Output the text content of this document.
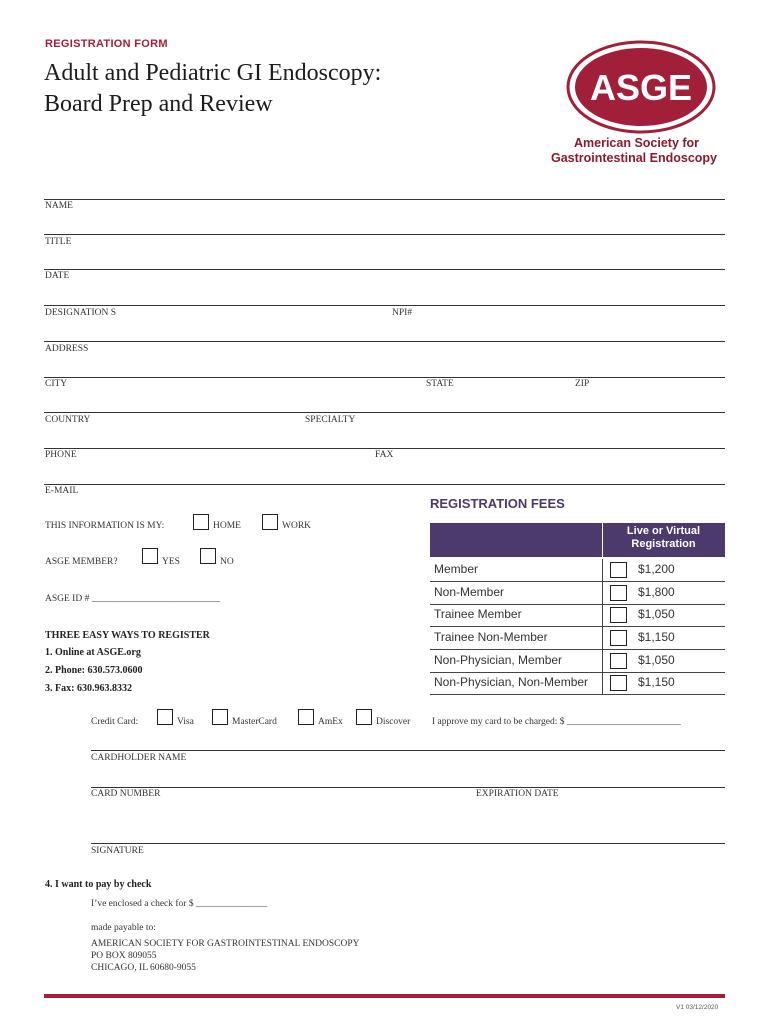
REGISTRATION FORM
Adult and Pediatric GI Endoscopy:
Board Prep and Review	ASGE
American Society for
Gastrointestinal Endoscopy
NAME
TITLE
DATE
DESIGNATION S	NPI#
ADDRESS
CITY	STATE	ZIP
COUNTRY	SPECIALTY
PHONE	FAX
E-MAIL
THIS INFORMATION IS MY:	HOME	WORK
ASGE MEMBER?	YES	NO
ASGE ID # ___________________________
THREE EASY WAYS TO REGISTER
1. Online at ASGE.org
2. Phone: 630.573.0600
3. Fax: 630.963.8332
REGISTRATION FEES
Live or Virtual Registration
Member	$1,200
Non-Member	$1,800
Trainee Member	$1,050
Trainee Non-Member	$1,150
Non-Physician, Member	$1,050
Non-Physician, Non-Member	$1,150
Credit Card:	Visa	MasterCard	AmEx	Discover I approve my card to be charged: $ ________________________
CARDHOLDER NAME
CARD NUMBER	EXPIRATION DATE
SIGNATURE
4. I want to pay by check
I’ve enclosed a check for $ _______________
made payable to:
AMERICAN SOCIETY FOR GASTROINTESTINAL ENDOSCOPY
PO BOX 809055
CHICAGO, IL 60680-9055
V1 03/12/2020
